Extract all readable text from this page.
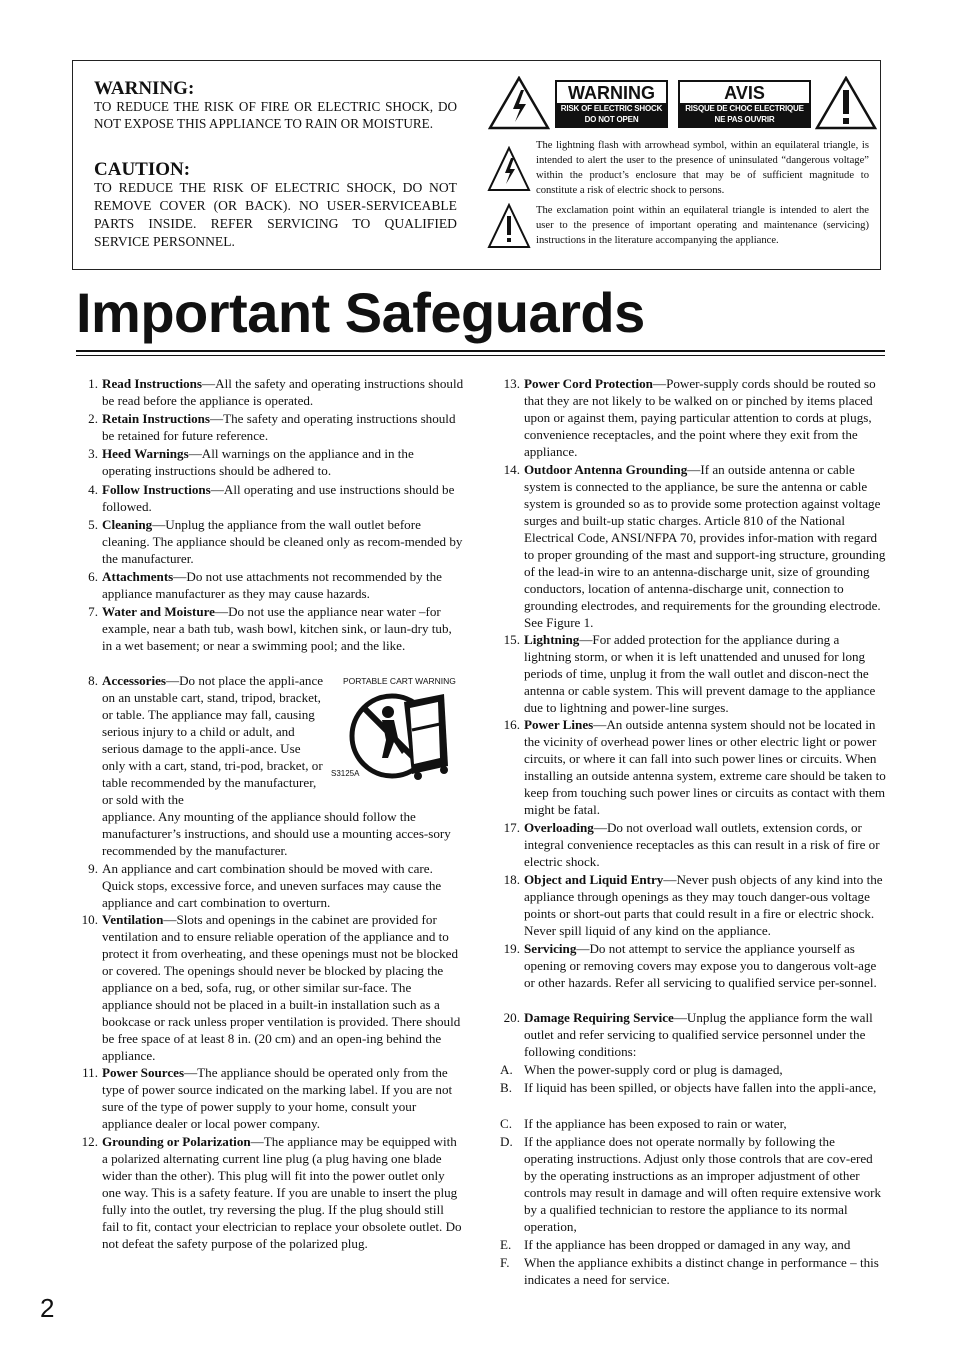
WARNING:
TO REDUCE THE RISK OF FIRE OR ELECTRIC SHOCK, DO NOT EXPOSE THIS APPLIANCE TO RAIN OR MOISTURE.
CAUTION:
TO REDUCE THE RISK OF ELECTRIC SHOCK, DO NOT REMOVE COVER (OR BACK). NO USER-SERVICEABLE PARTS INSIDE. REFER SERVICING TO QUALIFIED SERVICE PERSONNEL.
WARNING
RISK OF ELECTRIC SHOCK
DO NOT OPEN
AVIS
RISQUE DE CHOC ELECTRIQUE
NE PAS OUVRIR
The lightning flash with arrowhead symbol, within an equilateral triangle, is intended to alert the user to the presence of uninsulated “dangerous voltage” within the product’s enclosure that may be of sufficient magnitude to constitute a risk of electric shock to persons.
The exclamation point within an equilateral triangle is intended to alert the user to the presence of important operating and maintenance (servicing) instructions in the literature accompanying the appliance.
Important Safeguards
1. Read Instructions—All the safety and operating instructions should be read before the appliance is operated.
2. Retain Instructions—The safety and operating instructions should be retained for future reference.
3. Heed Warnings—All warnings on the appliance and in the operating instructions should be adhered to.
4. Follow Instructions—All operating and use instructions should be followed.
5. Cleaning—Unplug the appliance from the wall outlet before cleaning. The appliance should be cleaned only as recom-mended by the manufacturer.
6. Attachments—Do not use attachments not recommended by the appliance manufacturer as they may cause hazards.
7. Water and Moisture—Do not use the appliance near water –for example, near a bath tub, wash bowl, kitchen sink, or laun-dry tub, in a wet basement; or near a swimming pool; and the like.
8. Accessories—Do not place the appli-ance on an unstable cart, stand, tripod, bracket, or table. The appliance may fall, causing serious injury to a child or adult, and serious damage to the appli-ance. Use only with a cart, stand, tri-pod, bracket, or table recommended by the manufacturer, or sold with the
appliance. Any mounting of the appliance should follow the manufacturer’s instructions, and should use a mounting acces-sory recommended by the manufacturer.
9. An appliance and cart combination should be moved with care. Quick stops, excessive force, and uneven surfaces may cause the appliance and cart combination to overturn.
10. Ventilation—Slots and openings in the cabinet are provided for ventilation and to ensure reliable operation of the appliance and to protect it from overheating, and these openings must not be blocked or covered. The openings should never be blocked by placing the appliance on a bed, sofa, rug, or other similar sur-face. The appliance should not be placed in a built-in installation such as a bookcase or rack unless proper ventilation is provided. There should be free space of at least 8 in. (20 cm) and an open-ing behind the appliance.
11. Power Sources—The appliance should be operated only from the type of power source indicated on the marking label. If you are not sure of the type of power supply to your home, consult your appliance dealer or local power company.
12. Grounding or Polarization—The appliance may be equipped with a polarized alternating current line plug (a plug having one blade wider than the other). This plug will fit into the power outlet only one way. This is a safety feature. If you are unable to insert the plug fully into the outlet, try reversing the plug. If the plug should still fail to fit, contact your electrician to replace your obsolete outlet. Do not defeat the safety purpose of the polarized plug.
PORTABLE CART WARNING
S3125A
13. Power Cord Protection—Power-supply cords should be routed so that they are not likely to be walked on or pinched by items placed upon or against them, paying particular attention to cords at plugs, convenience receptacles, and the point where they exit from the appliance.
14. Outdoor Antenna Grounding—If an outside antenna or cable system is connected to the appliance, be sure the antenna or cable system is grounded so as to provide some protection against voltage surges and built-up static charges. Article 810 of the National Electrical Code, ANSI/NFPA 70, provides infor-mation with regard to proper grounding of the mast and support-ing structure, grounding of the lead-in wire to an antenna-discharge unit, size of grounding conductors, location of antenna-discharge unit, connection to grounding electrodes, and requirements for the grounding electrode. See Figure 1.
15. Lightning—For added protection for the appliance during a lightning storm, or when it is left unattended and unused for long periods of time, unplug it from the wall outlet and discon-nect the antenna or cable system. This will prevent damage to the appliance due to lightning and power-line surges.
16. Power Lines—An outside antenna system should not be located in the vicinity of overhead power lines or other electric light or power circuits, or where it can fall into such power lines or circuits. When installing an outside antenna system, extreme care should be taken to keep from touching such power lines or circuits as contact with them might be fatal.
17. Overloading—Do not overload wall outlets, extension cords, or integral convenience receptacles as this can result in a risk of fire or electric shock.
18. Object and Liquid Entry—Never push objects of any kind into the appliance through openings as they may touch danger-ous voltage points or short-out parts that could result in a fire or electric shock. Never spill liquid of any kind on the appliance.
19. Servicing—Do not attempt to service the appliance yourself as opening or removing covers may expose you to dangerous volt-age or other hazards. Refer all servicing to qualified service per-sonnel.
20. Damage Requiring Service—Unplug the appliance form the wall outlet and refer servicing to qualified service personnel under the following conditions:
A. When the power-supply cord or plug is damaged,
B. If liquid has been spilled, or objects have fallen into the appli-ance,
C. If the appliance has been exposed to rain or water,
D. If the appliance does not operate normally by following the operating instructions. Adjust only those controls that are cov-ered by the operating instructions as an improper adjustment of other controls may result in damage and will often require extensive work by a qualified technician to restore the appliance to its normal operation,
E. If the appliance has been dropped or damaged in any way, and
F.	When the appliance exhibits a distinct change in performance – this indicates a need for service.
2
